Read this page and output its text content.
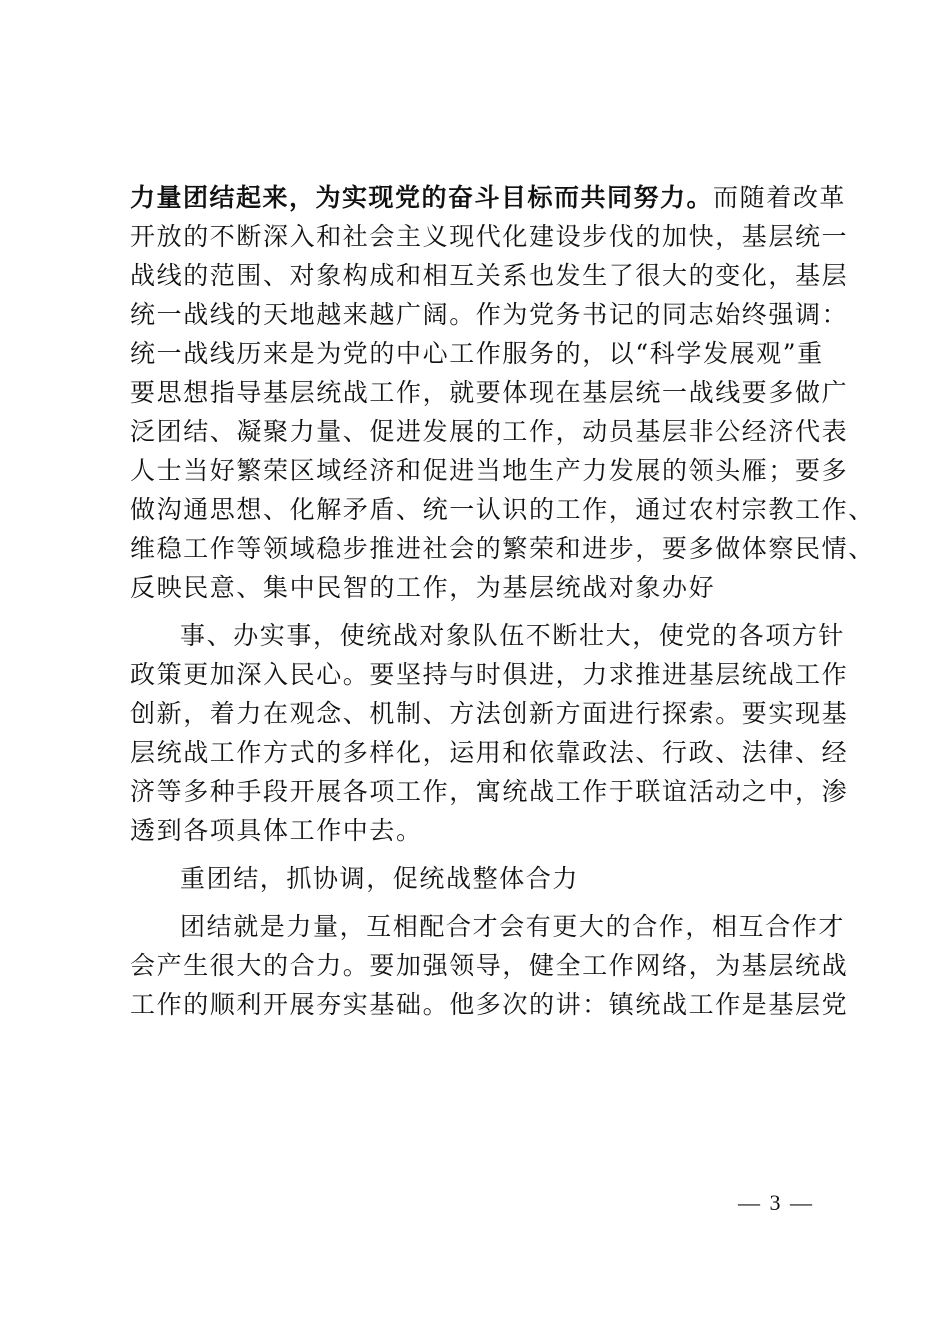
力量团结起来，为实现党的奋斗目标而共同努力。而随着改革
开放的不断深入和社会主义现代化建设步伐的加快，基层统一
战线的范围、对象构成和相互关系也发生了很大的变化，基层
统一战线的天地越来越广阔。作为党务书记的同志始终强调：
统一战线历来是为党的中心工作服务的，以“科学发展观”重
要思想指导基层统战工作，就要体现在基层统一战线要多做广
泛团结、凝聚力量、促进发展的工作，动员基层非公经济代表
人士当好繁荣区域经济和促进当地生产力发展的领头雁；要多
做沟通思想、化解矛盾、统一认识的工作，通过农村宗教工作、
维稳工作等领域稳步推进社会的繁荣和进步，要多做体察民情、
反映民意、集中民智的工作，为基层统战对象办好
事、办实事，使统战对象队伍不断壮大，使党的各项方针
政策更加深入民心。要坚持与时俱进，力求推进基层统战工作
创新，着力在观念、机制、方法创新方面进行探索。要实现基
层统战工作方式的多样化，运用和依靠政法、行政、法律、经
济等多种手段开展各项工作，寓统战工作于联谊活动之中，渗
透到各项具体工作中去。
重团结，抓协调，促统战整体合力
团结就是力量，互相配合才会有更大的合作，相互合作才
会产生很大的合力。要加强领导，健全工作网络，为基层统战
工作的顺利开展夯实基础。他多次的讲：镇统战工作是基层党
— 3 —
